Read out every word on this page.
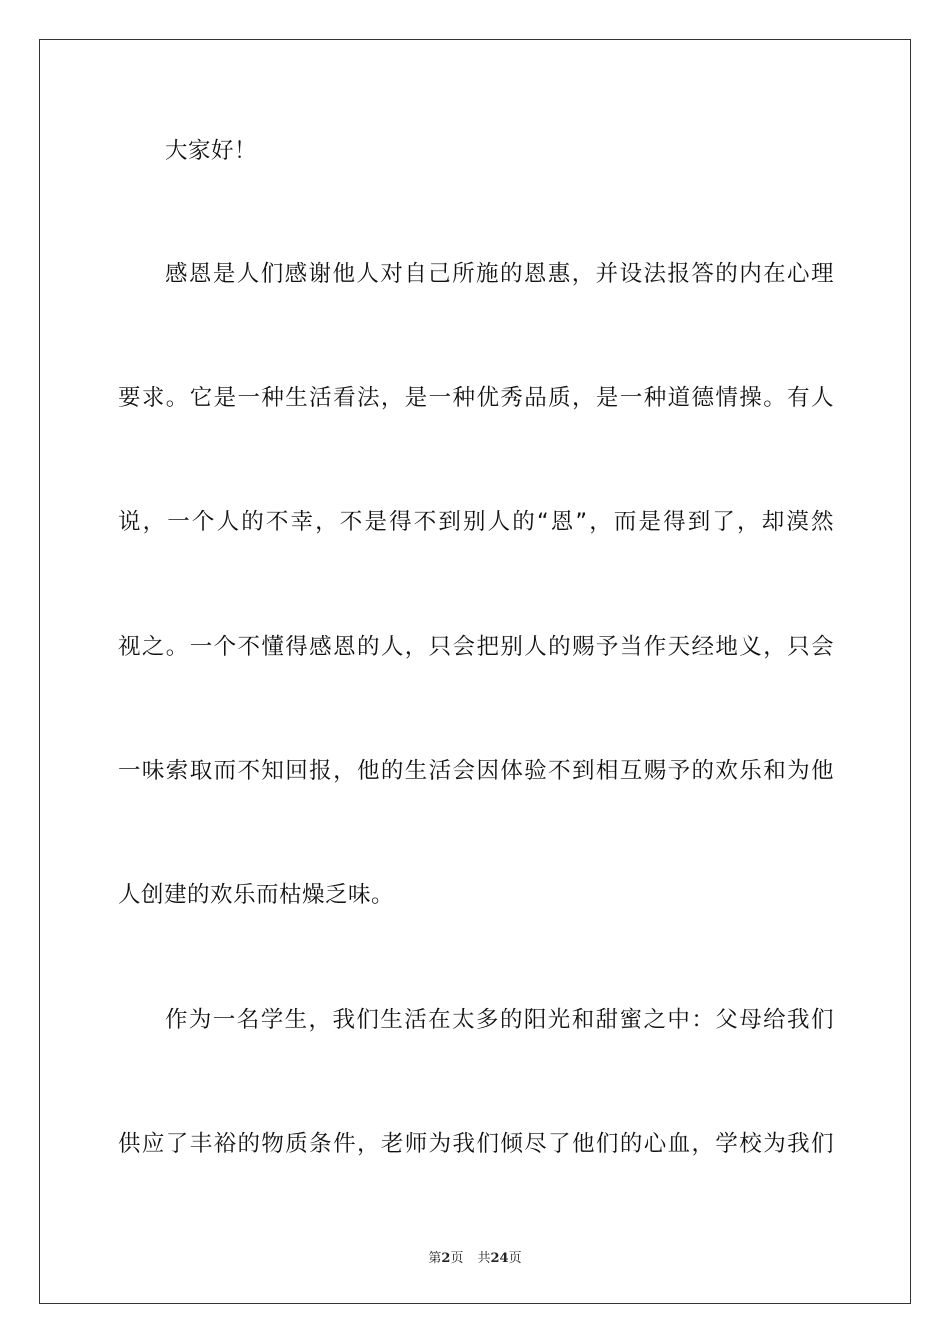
大家好！
感恩是人们感谢他人对自己所施的恩惠，并设法报答的内在心理
要求。它是一种生活看法，是一种优秀品质，是一种道德情操。有人
说，一个人的不幸，不是得不到别人的“恩”，而是得到了，却漠然
视之。一个不懂得感恩的人，只会把别人的赐予当作天经地义，只会
一味索取而不知回报，他的生活会因体验不到相互赐予的欢乐和为他
人创建的欢乐而枯燥乏味。
作为一名学生，我们生活在太多的阳光和甜蜜之中：父母给我们
供应了丰裕的物质条件，老师为我们倾尽了他们的心血，学校为我们
第2页 共24页
